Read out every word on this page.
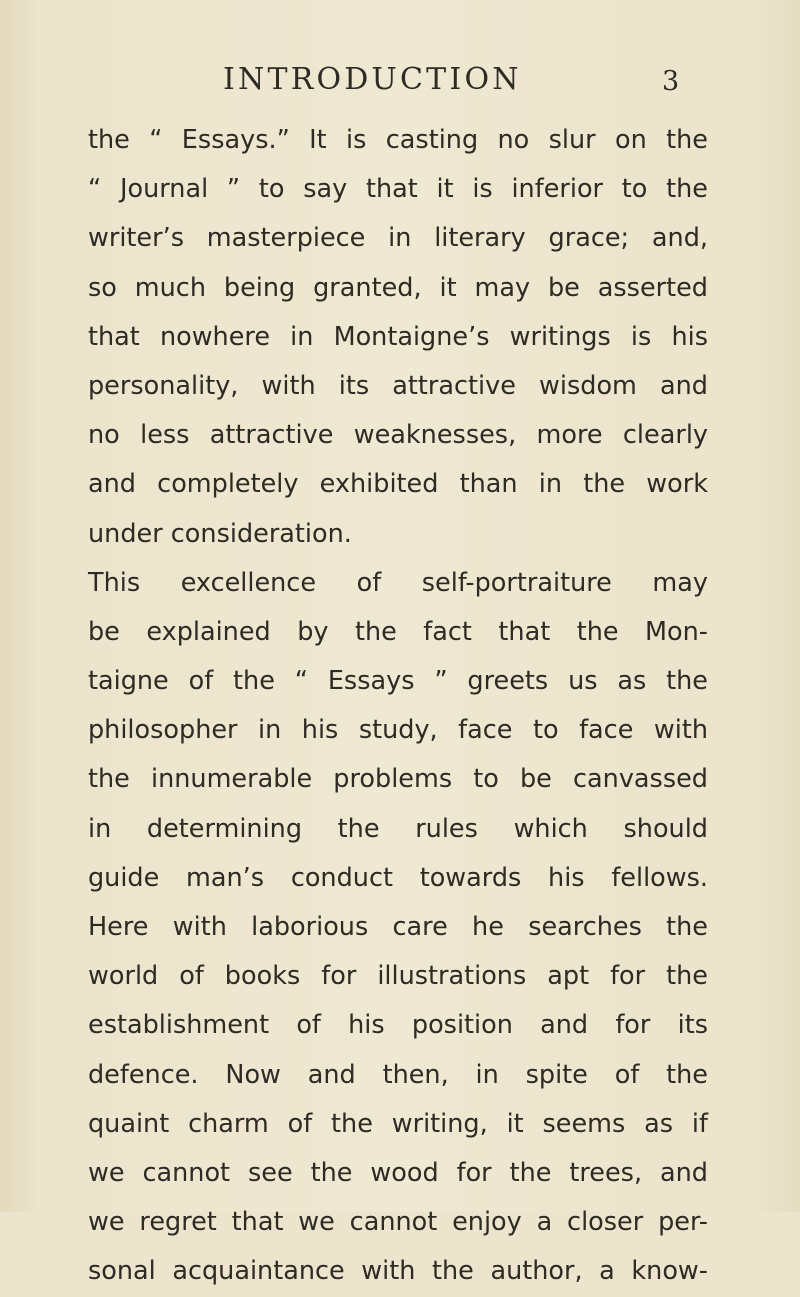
INTRODUCTION	3
the “ Essays.” It is casting no slur on the
“ Journal ” to say that it is inferior to the
writer’s masterpiece in literary grace; and,
so much being granted, it may be asserted
that nowhere in Montaigne’s writings is his
personality, with its attractive wisdom and
no less attractive weaknesses, more clearly
and completely exhibited than in the work
under consideration.
This excellence of self-portraiture may
be explained by the fact that the Mon-
taigne of the “ Essays ” greets us as the
philosopher in his study, face to face with
the innumerable problems to be canvassed
in determining the rules which should
guide man’s conduct towards his fellows.
Here with laborious care he searches the
world of books for illustrations apt for the
establishment of his position and for its
defence. Now and then, in spite of the
quaint charm of the writing, it seems as if
we cannot see the wood for the trees, and
we regret that we cannot enjoy a closer per-
sonal acquaintance with the author, a know-
